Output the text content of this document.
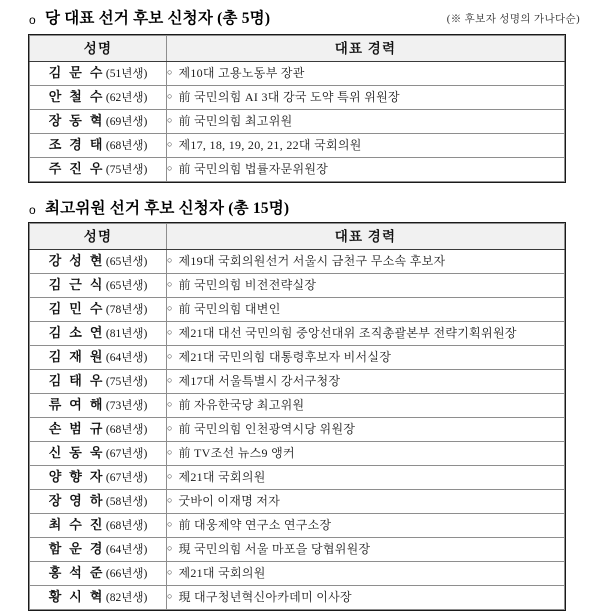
o 당 대표 선거 후보 신청자 (총 5명)	(※ 후보자 성명의 가나다순)
성명	대표 경력
김 문 수(51년생)	○ 제10대 고용노동부 장관
안 철 수(62년생)	○ 前 국민의힘 AI 3대 강국 도약 특위 위원장
장 동 혁(69년생)	○ 前 국민의힘 최고위원
조 경 태(68년생)	○ 제17, 18, 19, 20, 21, 22대 국회의원
주 진 우(75년생)	○ 前 국민의힘 법률자문위원장
o 최고위원 선거 후보 신청자 (총 15명)
성명	대표 경력
강 성 현(65년생)	○ 제19대 국회의원선거 서울시 금천구 무소속 후보자
김 근 식(65년생)	○ 前 국민의힘 비전전략실장
김 민 수(78년생)	○ 前 국민의힘 대변인
김 소 연(81년생)	○ 제21대 대선 국민의힘 중앙선대위 조직총괄본부 전략기획위원장
김 재 원(64년생)	○ 제21대 국민의힘 대통령후보자 비서실장
김 태 우(75년생)	○ 제17대 서울특별시 강서구청장
류 여 해(73년생)	○ 前 자유한국당 최고위원
손 범 규(68년생)	○ 前 국민의힘 인천광역시당 위원장
신 동 욱(67년생)	○ 前 TV조선 뉴스9 앵커
양 향 자(67년생)	○ 제21대 국회의원
장 영 하(58년생)	○ 굿바이 이재명 저자
최 수 진(68년생)	○ 前 대웅제약 연구소 연구소장
함 운 경(64년생)	○ 現 국민의힘 서울 마포을 당협위원장
홍 석 준(66년생)	○ 제21대 국회의원
황 시 혁(82년생)	○ 現 대구청년혁신아카데미 이사장
